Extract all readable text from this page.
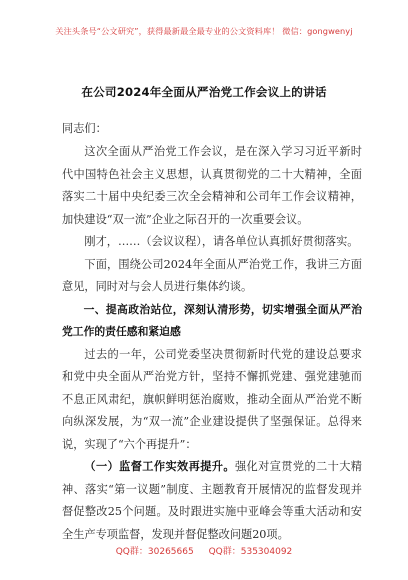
关注头条号“公文研究”，获得最新最全最专业的公文资料库！ 微信：gongwenyj
在公司2024年全面从严治党工作会议上的讲话
同志们：

这次全面从严治党工作会议，是在深入学习习近平新时代中国特色社会主义思想，认真贯彻党的二十大精神，全面落实二十届中央纪委三次全会精神和公司年工作会议精神，加快建设“双一流”企业之际召开的一次重要会议。

刚才，……（会议议程），请各单位认真抓好贯彻落实。

下面，围绕公司2024年全面从严治党工作，我讲三方面意见，同时对与会人员进行集体约谈。

一、提高政治站位，深刻认清形势，切实增强全面从严治党工作的责任感和紧迫感

过去的一年，公司党委坚决贯彻新时代党的建设总要求和党中央全面从严治党方针，坚持不懈抓党建、强党建驰而不息正风肃纪，旗帜鲜明惩治腐败，推动全面从严治党不断向纵深发展，为“双一流”企业建设提供了坚强保证。总得来说，实现了“六个再提升”：

（一）监督工作实效再提升。强化对宣贯党的二十大精神、落实“第一议题”制度、主题教育开展情况的监督发现并督促整改25个问题。及时跟进实施中亚峰会等重大活动和安全生产专项监督，发现并督促整改问题20项。

QQ群：30265665 QQ群：535304092
